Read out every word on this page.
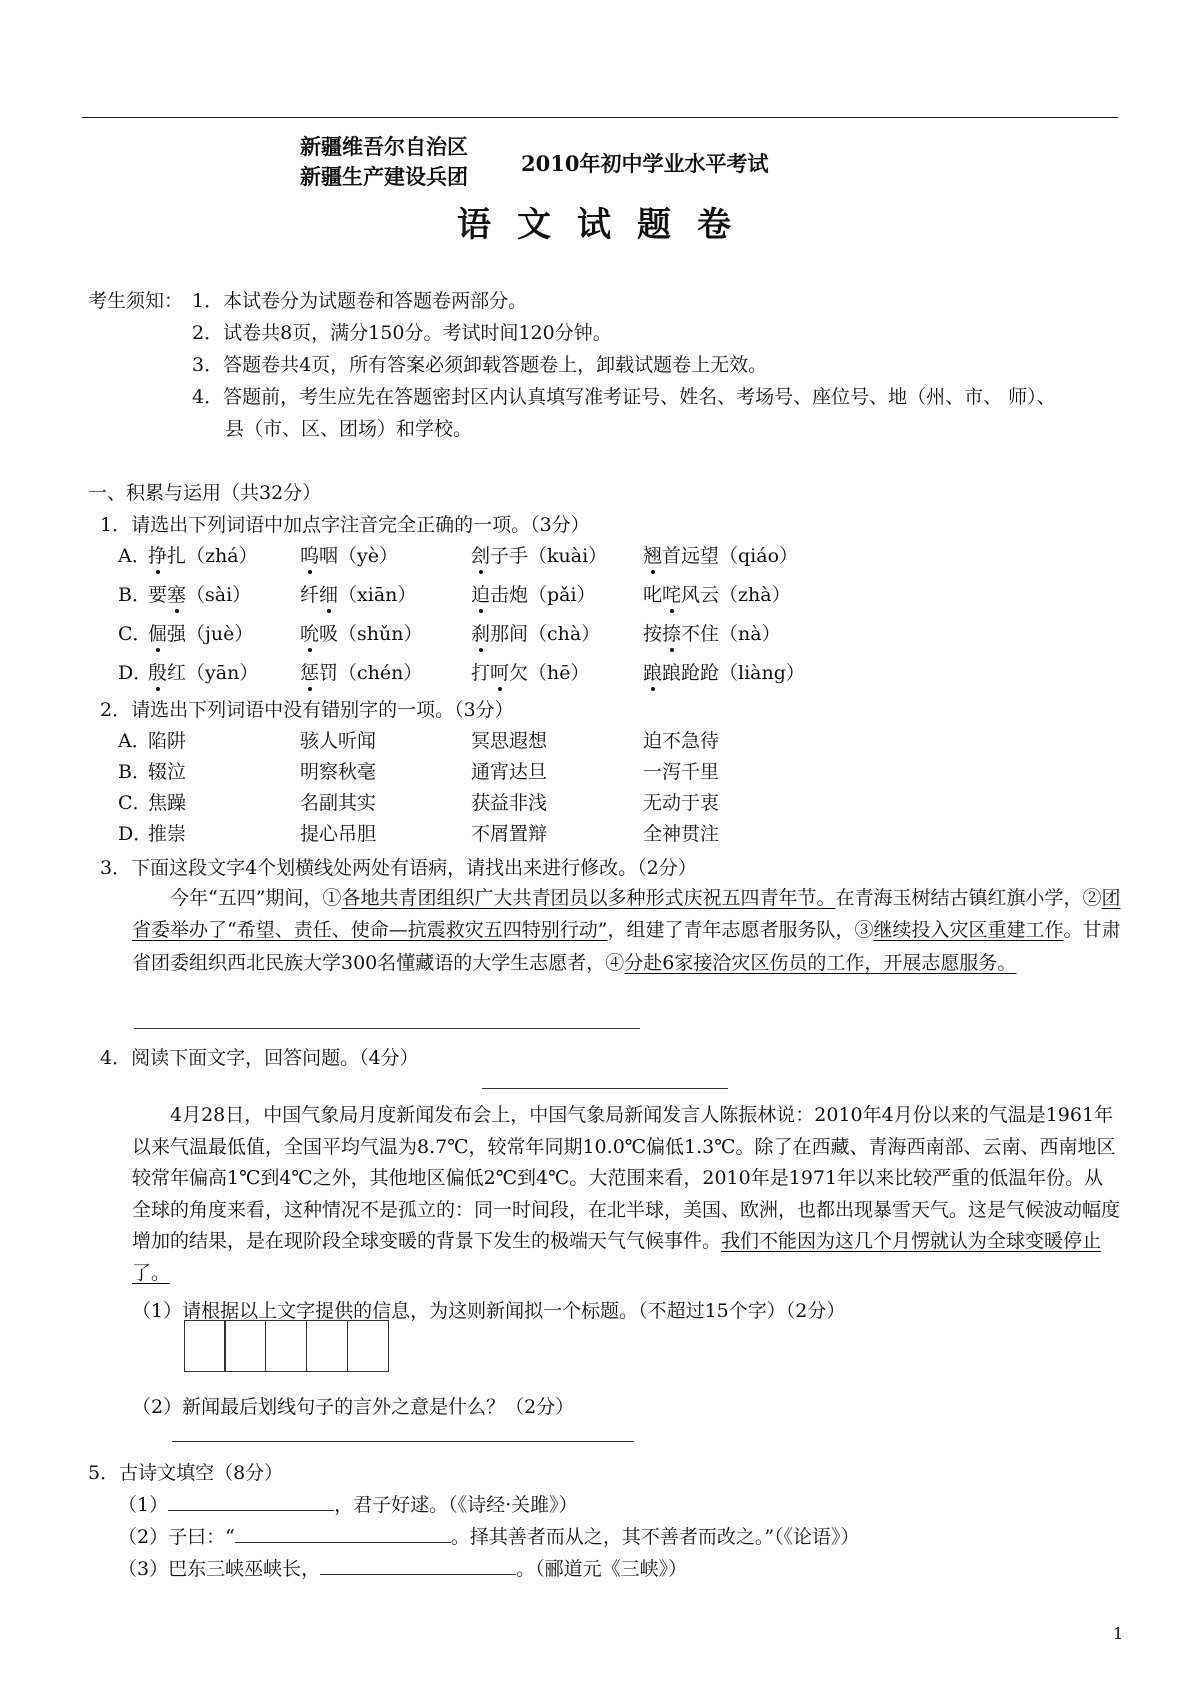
新疆维吾尔自治区
新疆生产建设兵团
2010年初中学业水平考试
语文试题卷
考生须知： 1．本试卷分为试题卷和答题卷两部分。
2．试卷共8页，满分150分。考试时间120分钟。
3．答题卷共4页，所有答案必须卸载答题卷上，卸载试题卷上无效。
4．答题前，考生应先在答题密封区内认真填写准考证号、姓名、考场号、座位号、地（州、市、 师）、
县（市、区、团场）和学校。
一、积累与运用（共32分）
1．请选出下列词语中加点字注音完全正确的一项。（3分）
2．请选出下列词语中没有错别字的一项。（3分）
3．下面这段文字4个划横线处两处有语病，请找出来进行修改。（2分）
今年“五四”期间，①各地共青团组织广大共青团员以多种形式庆祝五四青年节。在青海玉树结古镇红旗小学，②团省委举办了“希望、责任、使命—抗震救灾五四特别行动”，组建了青年志愿者服务队，③继续投入灾区重建工作。甘肃省团委组织西北民族大学300名懂藏语的大学生志愿者，④分赴6家接洽灾区伤员的工作，开展志愿服务。
4．阅读下面文字，回答问题。（4分）
4月28日，中国气象局月度新闻发布会上，中国气象局新闻发言人陈振林说：2010年4月份以来的气温是1961年以来气温最低值，全国平均气温为8.7℃，较常年同期10.0℃偏低1.3℃。除了在西藏、青海西南部、云南、西南地区较常年偏高1℃到4℃之外，其他地区偏低2℃到4℃。大范围来看，2010年是1971年以来比较严重的低温年份。从全球的角度来看，这种情况不是孤立的：同一时间段，在北半球，美国、欧洲，也都出现暴雪天气。这是气候波动幅度增加的结果，是在现阶段全球变暖的背景下发生的极端天气气候事件。我们不能因为这几个月愣就认为全球变暖停止了。
（1）请根据以上文字提供的信息，为这则新闻拟一个标题。（不超过15个字）（2分）
（2）新闻最后划线句子的言外之意是什么？（2分）
5．古诗文填空（8分）
（1）	，君子好逑。（《诗经·关雎》）
（2）子曰：“	。择其善者而从之，其不善者而改之。”（《论语》）
（3）巴东三峡巫峡长，	。（郦道元《三峡》）
1
A．
挣扎（zhá） 呜咽（yè）	刽子手（kuài） 翘首远望（qiáo）
B．
要塞（sài）	纤细（xiān）	迫击炮（pǎi） 叱咤风云（zhà）
C．
倔强（juè） 吮吸（shǔn）	刹那间（chà） 按捺不住（nà）
D．
殷红（yān） 惩罚（chén）	打呵欠（hē）	踉踉跄跄（liàng）
A．
陷阱	骇人听闻	冥思遐想	迫不急待
B．
辍泣	明察秋毫	通宵达旦	一泻千里
C．
焦躁	名副其实	获益非浅	无动于衷
D．
推崇	提心吊胆	不屑置辩	全神贯注
